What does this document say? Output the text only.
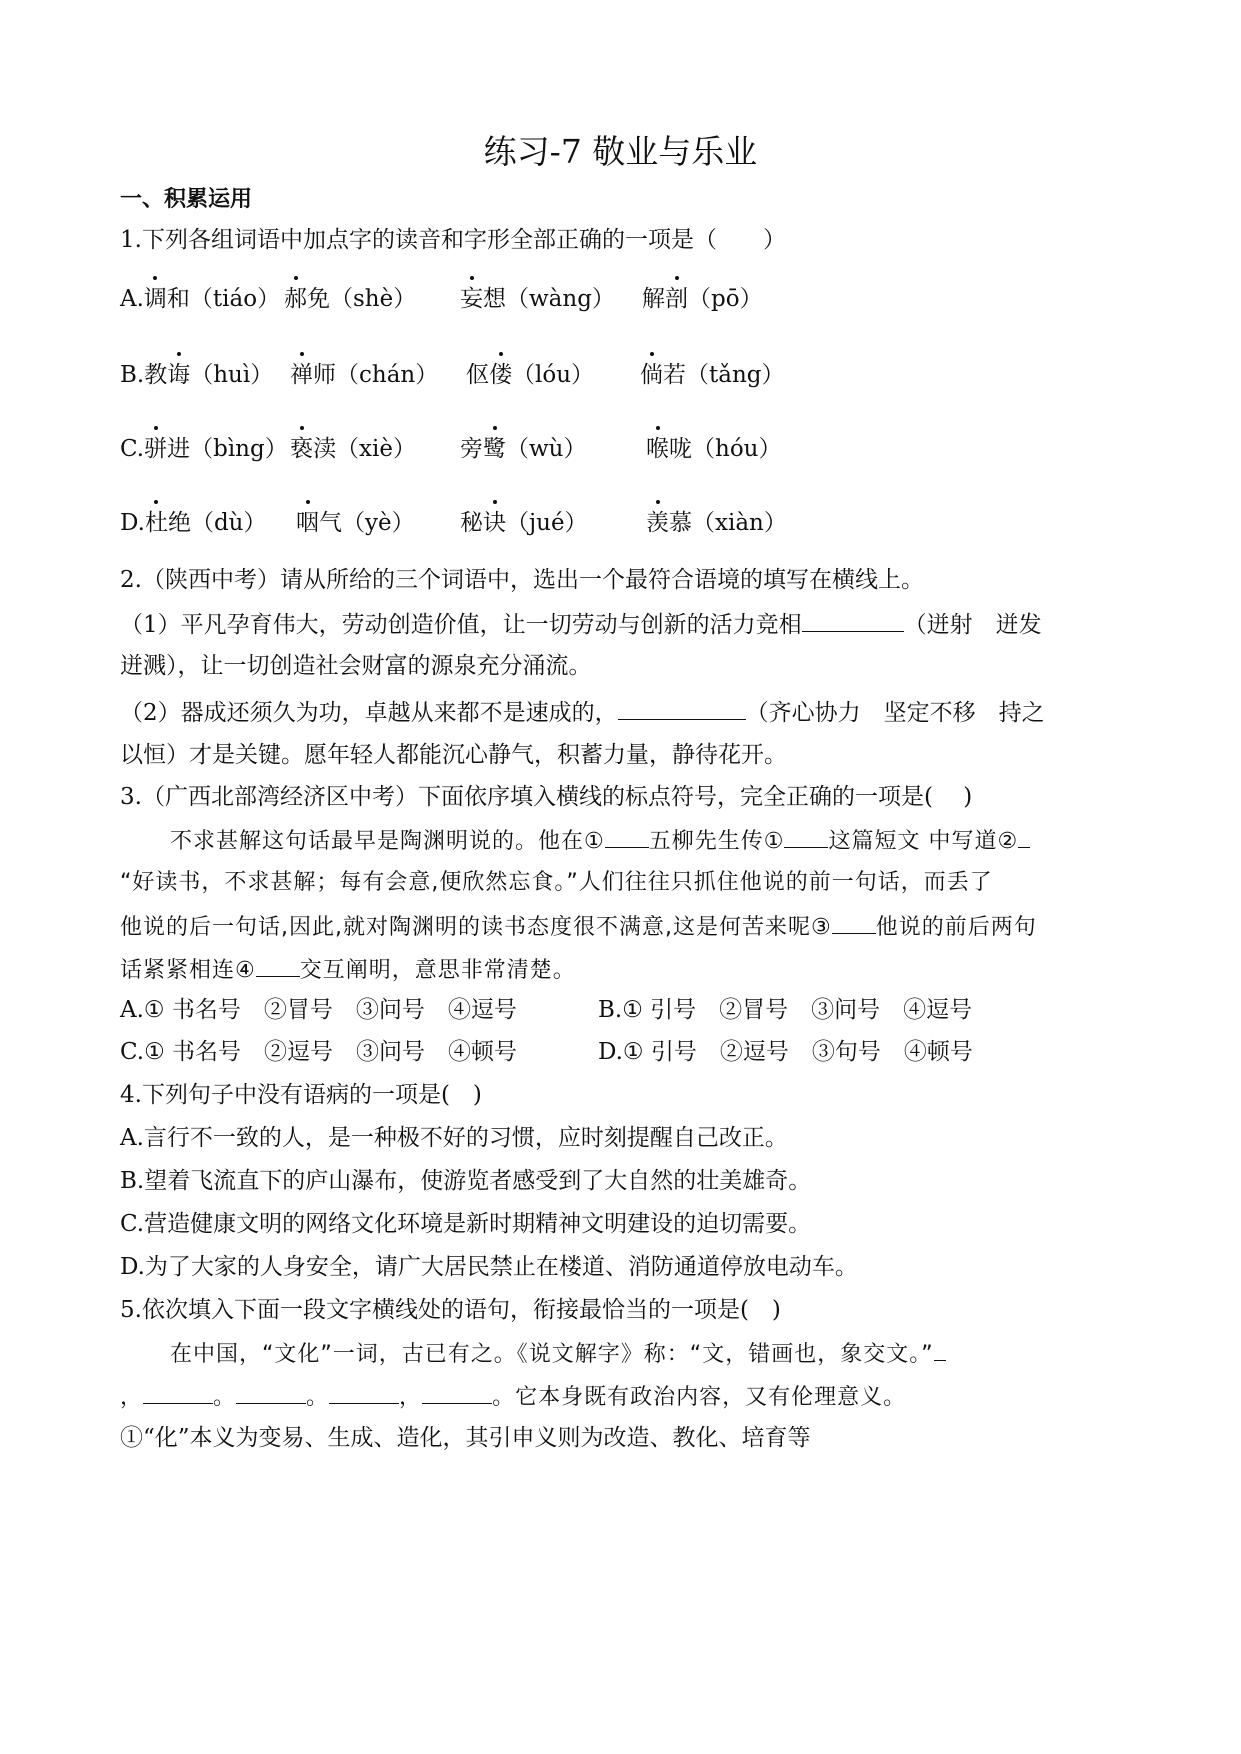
练习-7 敬业与乐业
一、积累运用
1.下列各组词语中加点字的读音和字形全部正确的一项是（　　）
A.调和（tiáo） 郝免（shè） 妄想（wàng） 解剖（pō）
B.教诲（huì） 禅师（chán） 伛偻（lóu） 倘若（tǎng）
C.骈进（bìng） 亵渎（xiè） 旁鹭（wù）	喉咙（hóu）
D.杜绝（dù） 咽气（yè） 秘诀（jué）	羡慕（xiàn）
2.（陕西中考）请从所给的三个词语中，选出一个最符合语境的填写在横线上。
（1）平凡孕育伟大，劳动创造价值，让一切劳动与创新的活力竞相	（迸射　迸发
迸溅），让一切创造社会财富的源泉充分涌流。
（2）器成还须久为功，卓越从来都不是速成的，	（齐心协力　坚定不移　持之
以恒）才是关键。愿年轻人都能沉心静气，积蓄力量，静待花开。
3.（广西北部湾经济区中考）下面依序填入横线的标点符号，完全正确的一项是(　 )
不求甚解这句话最早是陶渊明说的。他在① 五柳先生传① 这篇短文 中写道②
“好读书，不求甚解；每有会意,便欣然忘食。”人们往往只抓住他说的前一句话，而丢了
他说的后一句话,因此,就对陶渊明的读书态度很不满意,这是何苦来呢③ 他说的前后两句
话紧紧相连④ 交互阐明，意思非常清楚。
A.① 书名号　②冒号　③问号　④逗号	B.① 引号　②冒号　③问号　④逗号
C.① 书名号　②逗号　③问号　④顿号	D.① 引号　②逗号　③句号　④顿号
4.下列句子中没有语病的一项是(　)
A.言行不一致的人，是一种极不好的习惯，应时刻提醒自己改正。
B.望着飞流直下的庐山瀑布，使游览者感受到了大自然的壮美雄奇。
C.营造健康文明的网络文化环境是新时期精神文明建设的迫切需要。
D.为了大家的人身安全，请广大居民禁止在楼道、消防通道停放电动车。
5.依次填入下面一段文字横线处的语句，衔接最恰当的一项是(　)
在中国，“文化”一词，古已有之。《说文解字》称：“文，错画也，象交文。”
，	。	。	，	。它本身既有政治内容，又有伦理意义。
①“化”本义为变易、生成、造化，其引申义则为改造、教化、培育等
